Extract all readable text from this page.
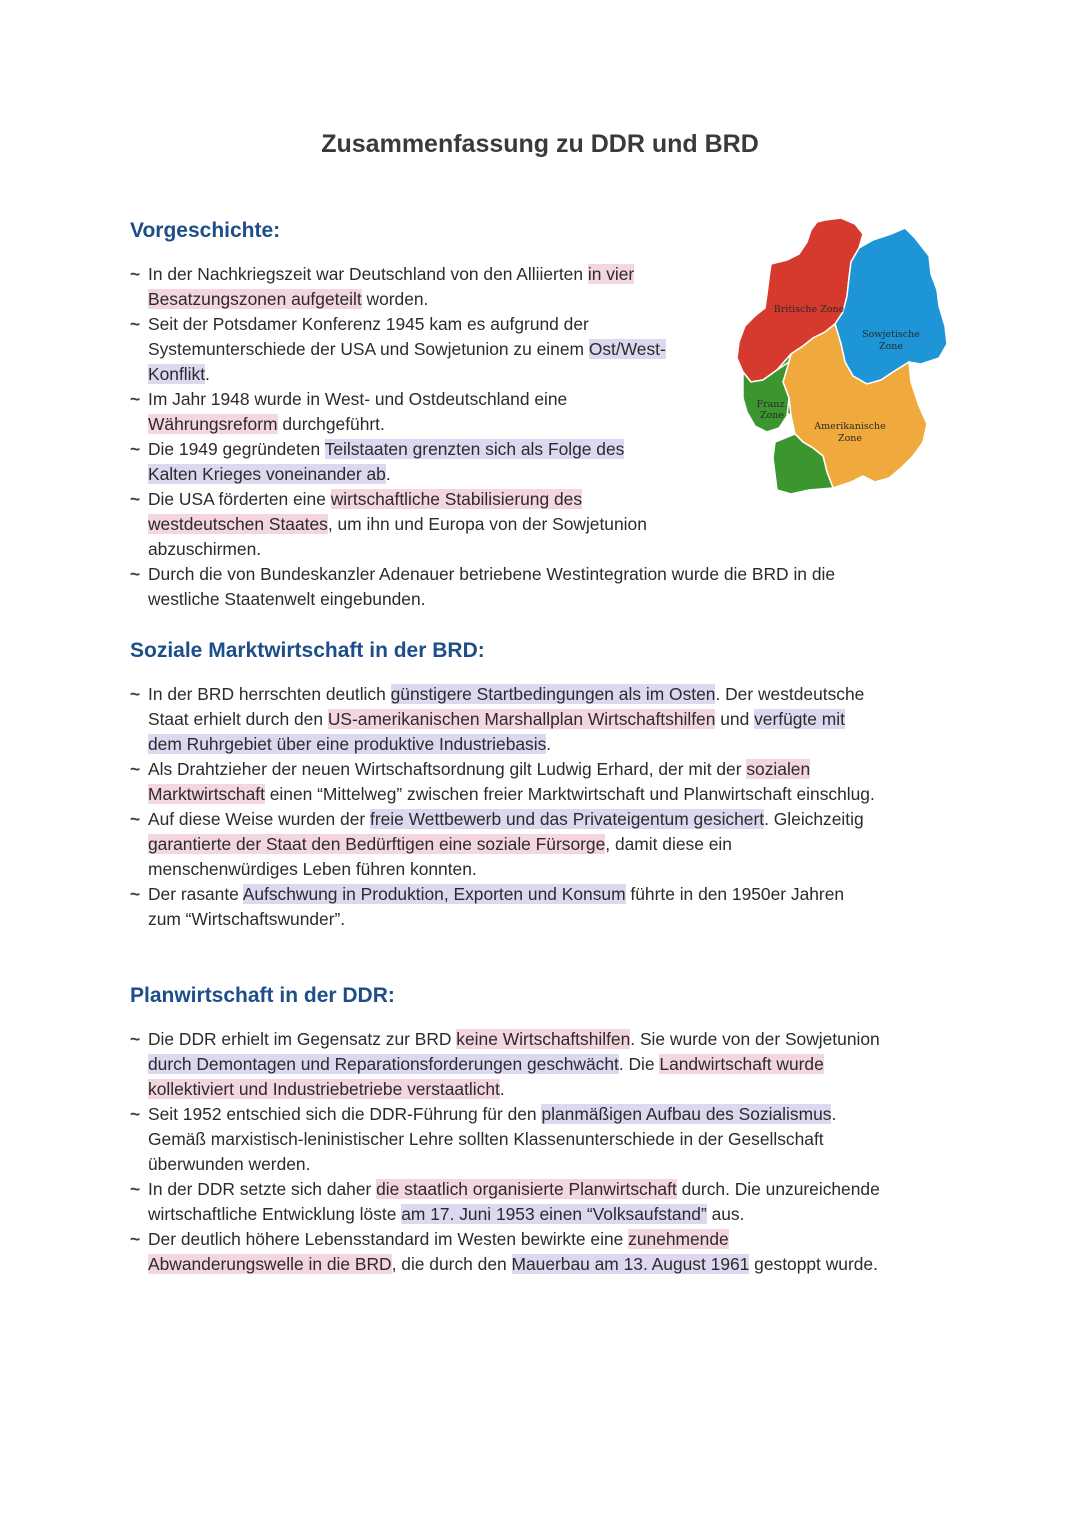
Zusammenfassung zu DDR und BRD
Britische Zone
Sowjetische
Zone
Amerikanische
Zone
Franz.
Zone
Vorgeschichte:
~ In der Nachkriegszeit war Deutschland von den Alliierten in vier Besatzungszonen aufgeteilt worden.
~ Seit der Potsdamer Konferenz 1945 kam es aufgrund der Systemunterschiede der USA und Sowjetunion zu einem Ost/West-Konflikt.
~ Im Jahr 1948 wurde in West- und Ostdeutschland eine Währungsreform durchgeführt.
~ Die 1949 gegründeten Teilstaaten grenzten sich als Folge des Kalten Krieges voneinander ab.
~ Die USA förderten eine wirtschaftliche Stabilisierung des westdeutschen Staates, um ihn und Europa von der Sowjetunion abzuschirmen.
~ Durch die von Bundeskanzler Adenauer betriebene Westintegration wurde die BRD in die westliche Staatenwelt eingebunden.
Soziale Marktwirtschaft in der BRD:
~ In der BRD herrschten deutlich günstigere Startbedingungen als im Osten. Der westdeutsche Staat erhielt durch den US-amerikanischen Marshallplan Wirtschaftshilfen und verfügte mit dem Ruhrgebiet über eine produktive Industriebasis.
~ Als Drahtzieher der neuen Wirtschaftsordnung gilt Ludwig Erhard, der mit der sozialen Marktwirtschaft einen “Mittelweg” zwischen freier Marktwirtschaft und Planwirtschaft einschlug.
~ Auf diese Weise wurden der freie Wettbewerb und das Privateigentum gesichert. Gleichzeitig garantierte der Staat den Bedürftigen eine soziale Fürsorge, damit diese ein menschenwürdiges Leben führen konnten.
~ Der rasante Aufschwung in Produktion, Exporten und Konsum führte in den 1950er Jahren zum “Wirtschaftswunder”.
Planwirtschaft in der DDR:
~ Die DDR erhielt im Gegensatz zur BRD keine Wirtschaftshilfen. Sie wurde von der Sowjetunion durch Demontagen und Reparationsforderungen geschwächt. Die Landwirtschaft wurde kollektiviert und Industriebetriebe verstaatlicht.
~ Seit 1952 entschied sich die DDR-Führung für den planmäßigen Aufbau des Sozialismus. Gemäß marxistisch-leninistischer Lehre sollten Klassenunterschiede in der Gesellschaft überwunden werden.
~ In der DDR setzte sich daher die staatlich organisierte Planwirtschaft durch. Die unzureichende wirtschaftliche Entwicklung löste am 17. Juni 1953 einen “Volksaufstand” aus.
~ Der deutlich höhere Lebensstandard im Westen bewirkte eine zunehmende Abwanderungswelle in die BRD, die durch den Mauerbau am 13. August 1961 gestoppt wurde.
